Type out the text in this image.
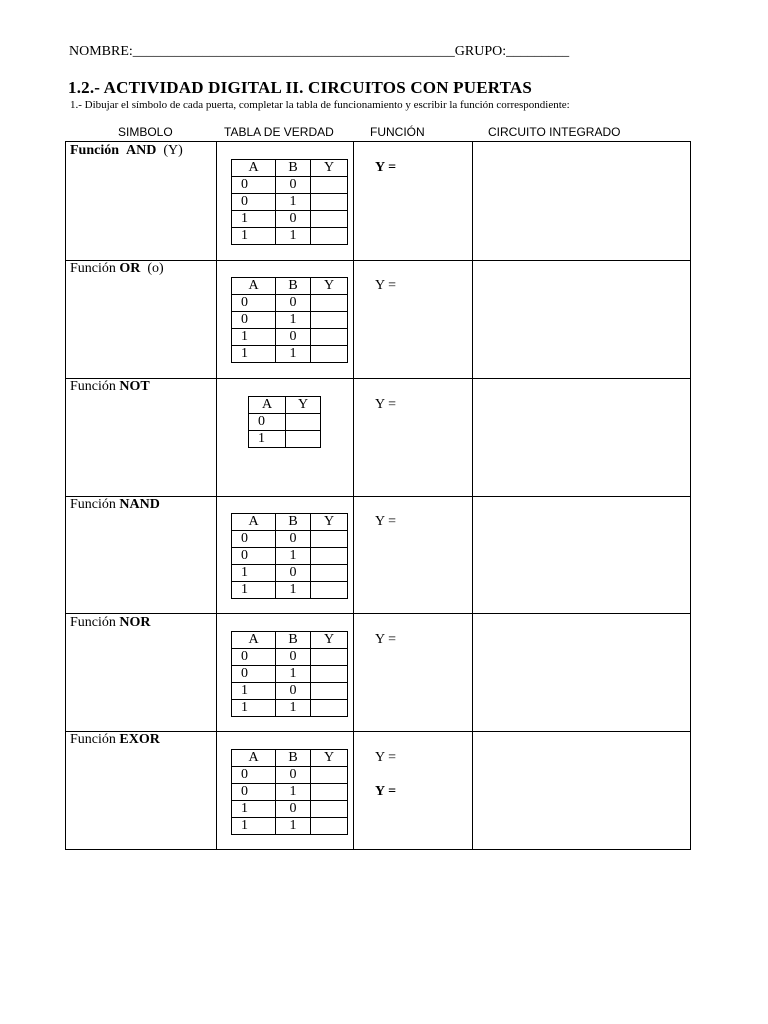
NOMBRE:______________________________________________GRUPO:_________
1.2.- ACTIVIDAD DIGITAL II. CIRCUITOS CON PUERTAS
1.- Dibujar el símbolo de cada puerta, completar la tabla de funcionamiento y escribir la función correspondiente:
SIMBOLO	TABLA DE VERDAD	FUNCIÓN	CIRCUITO INTEGRADO
Función AND (Y)
A	B	Y
0	0	
0	1	
1	0	
1	1	
Y =
Función OR (o)
A	B	Y
0	0	
0	1	
1	0	
1	1	
Y =
Función NOT
A	Y
0	
1	
Y =
Función NAND
A	B	Y
0	0	
0	1	
1	0	
1	1	
Y =
Función NOR
A	B	Y
0	0	
0	1	
1	0	
1	1	
Y =
Función EXOR
A	B	Y
0	0	
0	1	
1	0	
1	1	
Y =
Y =
